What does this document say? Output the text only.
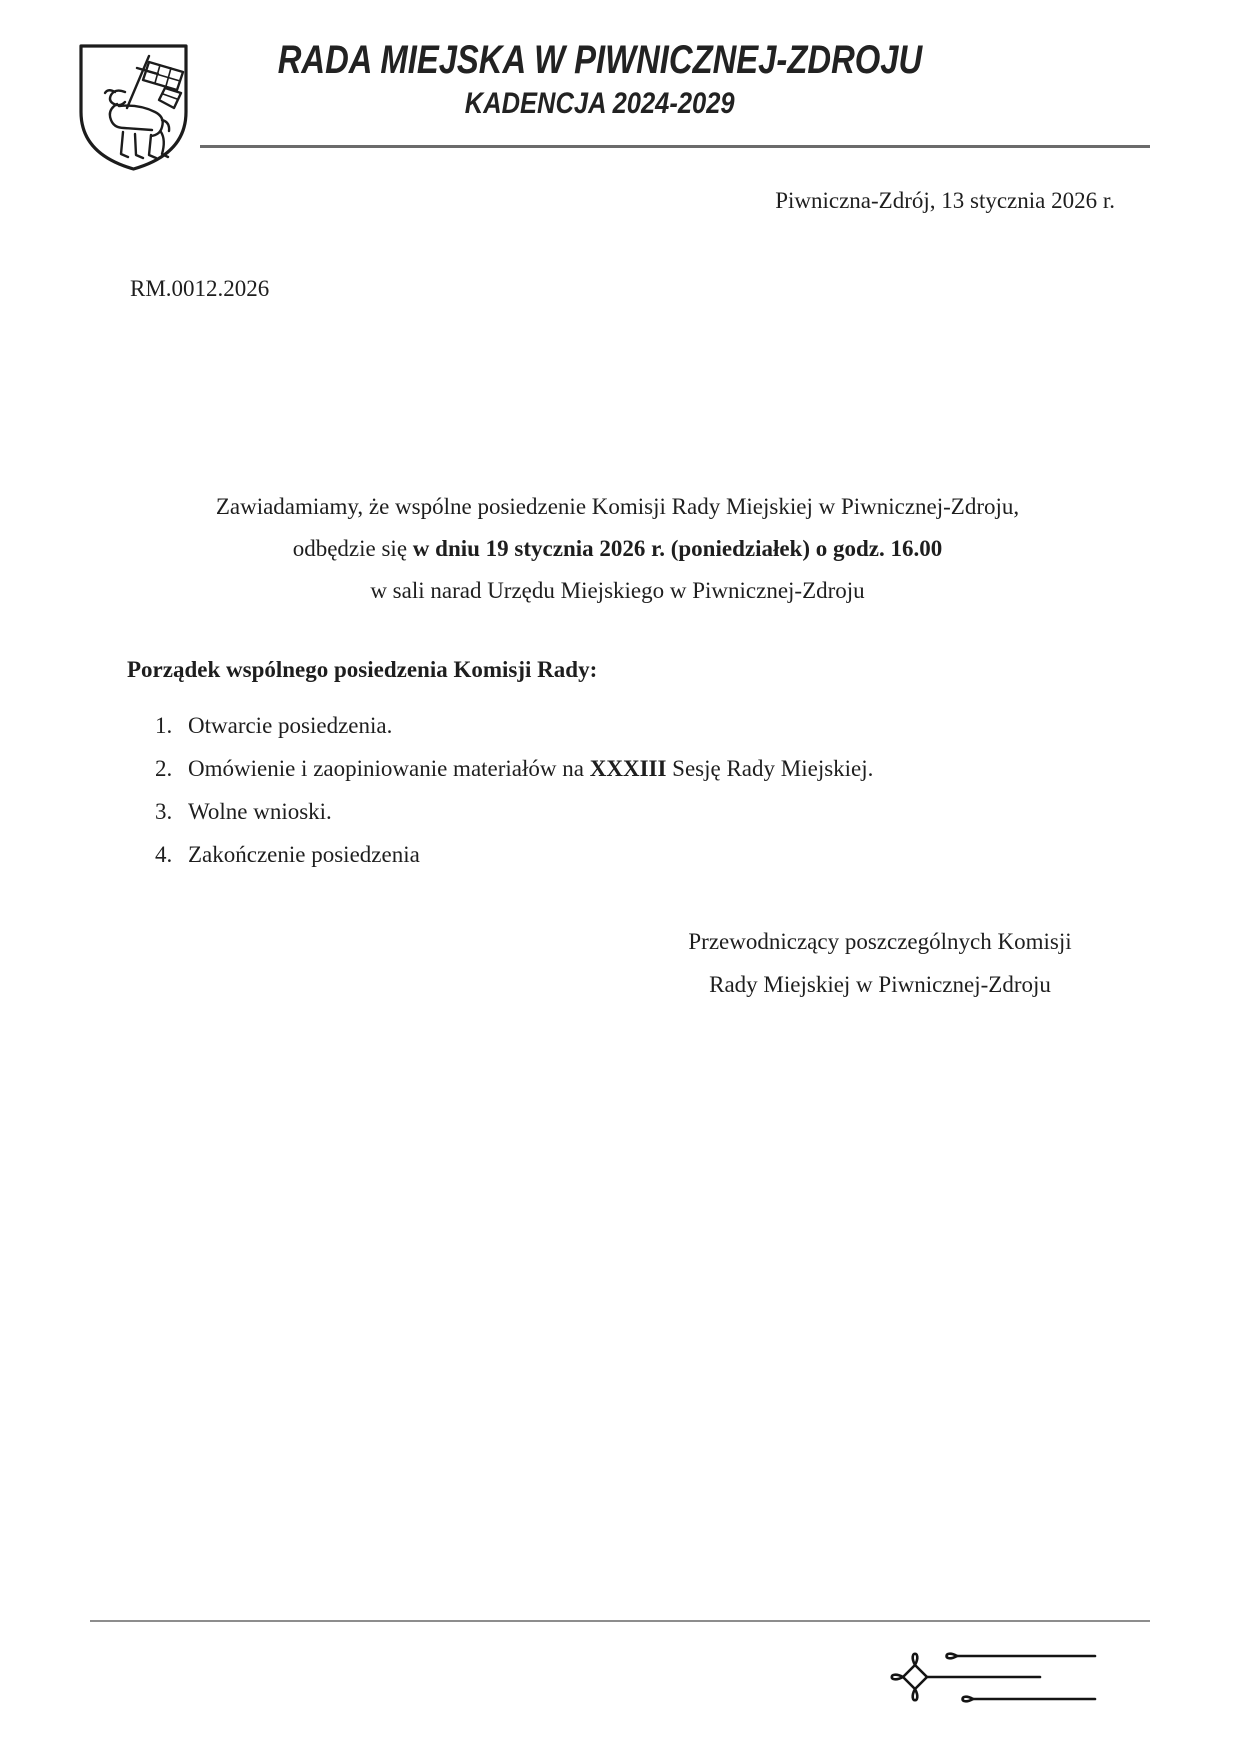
RADA MIEJSKA W PIWNICZNEJ-ZDROJU
KADENCJA 2024-2029
Piwniczna-Zdrój, 13 stycznia 2026 r.
RM.0012.2026
Zawiadamiamy, że wspólne posiedzenie Komisji Rady Miejskiej w Piwnicznej-Zdroju,
odbędzie się w dniu 19 stycznia 2026 r. (poniedziałek) o godz. 16.00
w sali narad Urzędu Miejskiego w Piwnicznej-Zdroju
Porządek wspólnego posiedzenia Komisji Rady:
1. Otwarcie posiedzenia.
2. Omówienie i zaopiniowanie materiałów na XXXIII Sesję Rady Miejskiej.
3. Wolne wnioski.
4. Zakończenie posiedzenia
Przewodniczący poszczególnych Komisji
Rady Miejskiej w Piwnicznej-Zdroju
